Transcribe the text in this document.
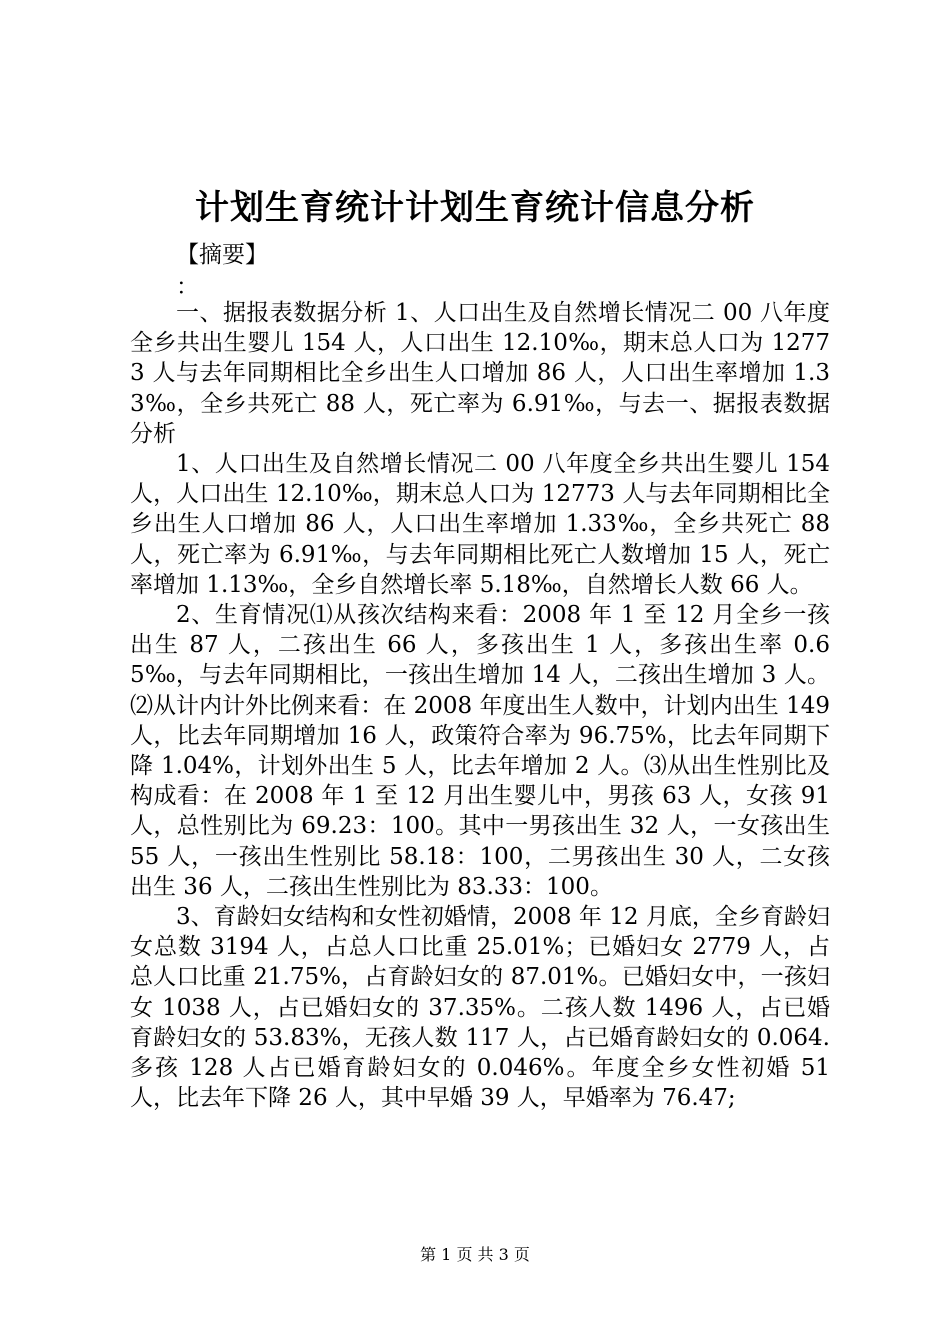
计划生育统计计划生育统计信息分析
【摘要】
：

一、据报表数据分析 1、人口出生及自然增长情况二 00 八年度全乡共出生婴儿 154 人，人口出生 12.10‰，期末总人口为 12773 人与去年同期相比全乡出生人口增加 86 人，人口出生率增加 1.33‰，全乡共死亡 88 人，死亡率为 6.91‰，与去一、据报表数据分析

1、人口出生及自然增长情况二 00 八年度全乡共出生婴儿 154 人，人口出生 12.10‰，期末总人口为 12773 人与去年同期相比全乡出生人口增加 86 人，人口出生率增加 1.33‰，全乡共死亡 88 人，死亡率为 6.91‰，与去年同期相比死亡人数增加 15 人，死亡率增加 1.13‰，全乡自然增长率 5.18‰，自然增长人数 66 人。

2、生育情况⑴从孩次结构来看：2008 年 1 至 12 月全乡一孩出生 87 人，二孩出生 66 人，多孩出生 1 人，多孩出生率 0.65‰，与去年同期相比，一孩出生增加 14 人，二孩出生增加 3 人。⑵从计内计外比例来看：在 2008 年度出生人数中，计划内出生 149 人，比去年同期增加 16 人，政策符合率为 96.75%，比去年同期下降 1.04%，计划外出生 5 人，比去年增加 2 人。⑶从出生性别比及构成看：在 2008 年 1 至 12 月出生婴儿中，男孩 63 人，女孩 91 人，总性别比为 69.23：100。其中一男孩出生 32 人，一女孩出生 55 人，一孩出生性别比 58.18：100，二男孩出生 30 人，二女孩出生 36 人，二孩出生性别比为 83.33：100。

3、育龄妇女结构和女性初婚情，2008 年 12 月底，全乡育龄妇女总数 3194 人，占总人口比重 25.01%；已婚妇女 2779 人，占总人口比重 21.75%，占育龄妇女的 87.01%。已婚妇女中，一孩妇女 1038 人，占已婚妇女的 37.35%。二孩人数 1496 人，占已婚育龄妇女的 53.83%，无孩人数 117 人，占已婚育龄妇女的 0.064. 多孩 128 人占已婚育龄妇女的 0.046%。年度全乡女性初婚 51 人，比去年下降 26 人，其中早婚 39 人，早婚率为 76.47;

第 1 页 共 3 页
